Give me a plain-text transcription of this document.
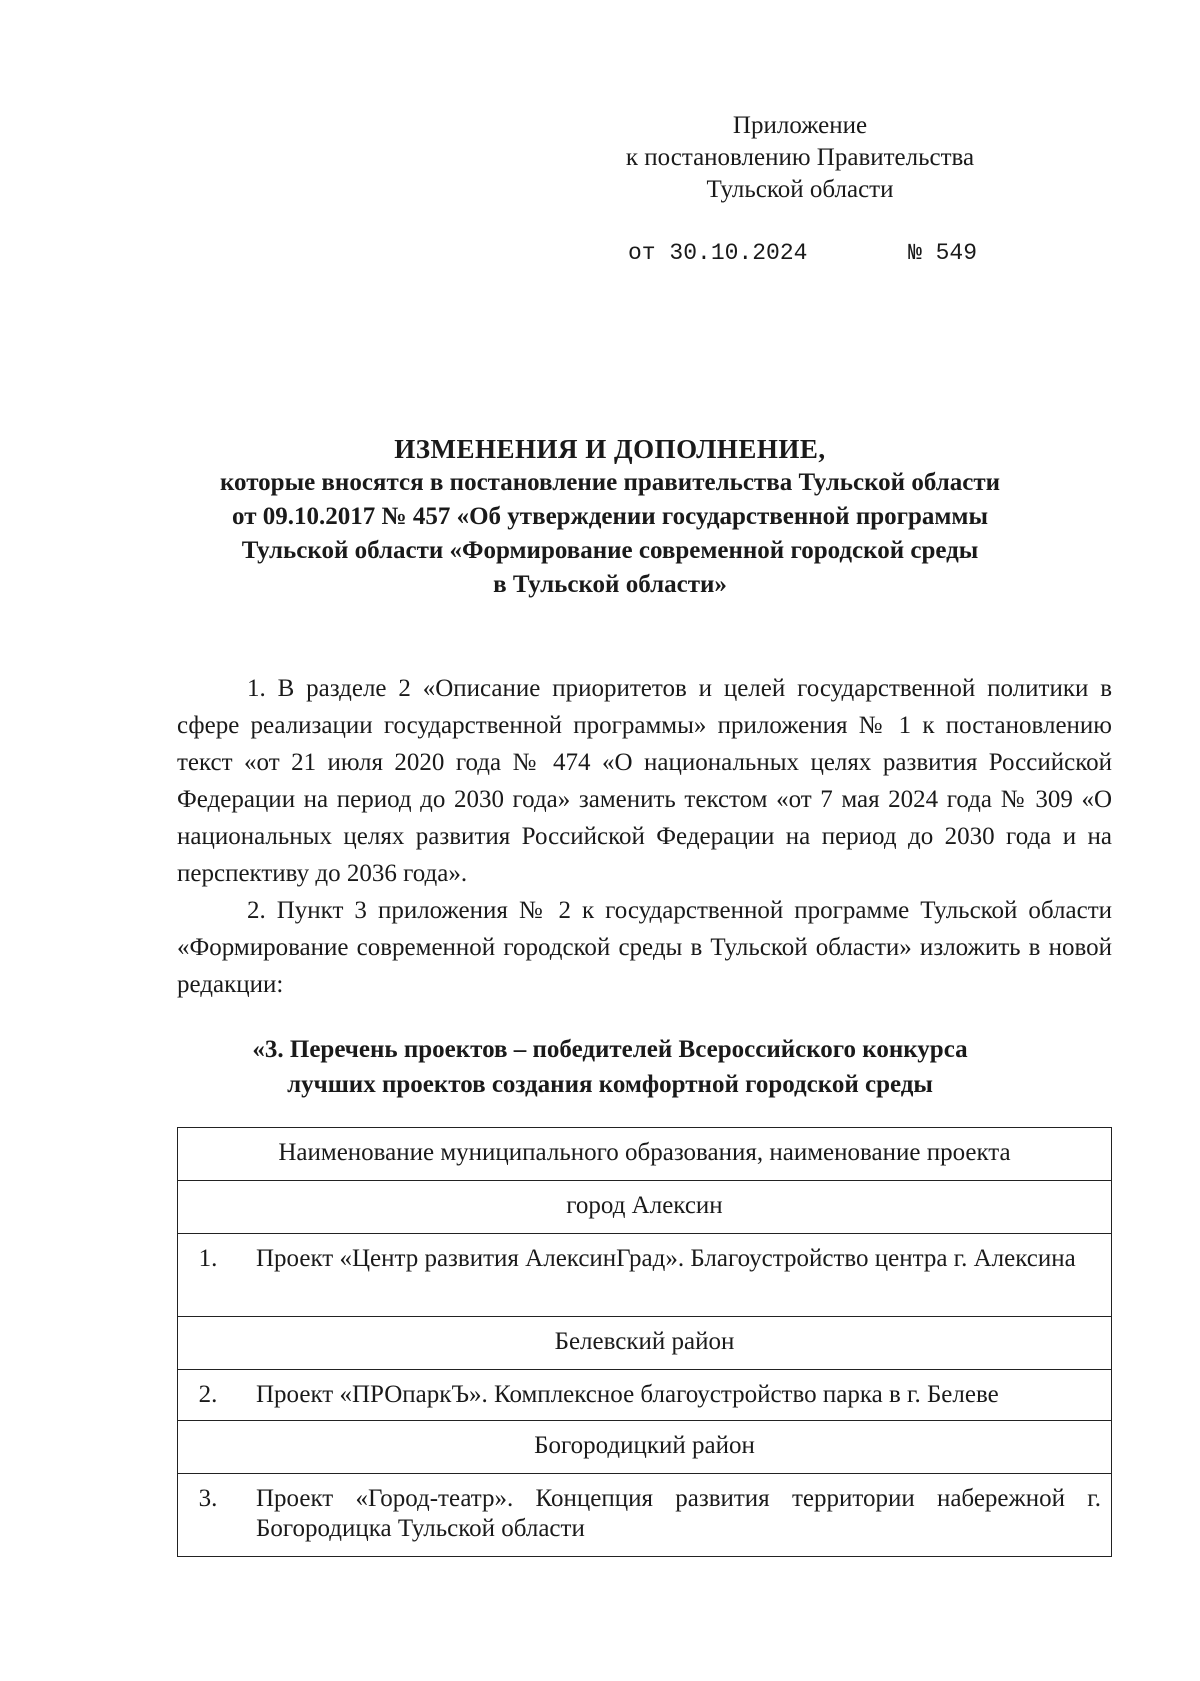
Приложение
к постановлению Правительства
Тульской области
от 30.10.2024	№ 549
ИЗМЕНЕНИЯ И ДОПОЛНЕНИЕ,
которые вносятся в постановление правительства Тульской области
от 09.10.2017 № 457 «Об утверждении государственной программы
Тульской области «Формирование современной городской среды
в Тульской области»

1. В разделе 2 «Описание приоритетов и целей государственной политики в сфере реализации государственной программы» приложения № 1 к постановлению текст «от 21 июля 2020 года № 474 «О национальных целях развития Российской Федерации на период до 2030 года» заменить текстом «от 7 мая 2024 года № 309 «О национальных целях развития Российской Федерации на период до 2030 года и на перспективу до 2036 года».

2. Пункт 3 приложения № 2 к государственной программе Тульской области «Формирование современной городской среды в Тульской области» изложить в новой редакции:

«3. Перечень проектов – победителей Всероссийского конкурса
лучших проектов создания комфортной городской среды
Наименование муниципального образования, наименование проекта	
город Алексин	
1.	Проект «Центр развития АлексинГрад». Благоустройство центра г. Алексина
Белевский район	
2.	Проект «ПРОпаркЪ». Комплексное благоустройство парка в г. Белеве
Богородицкий район	
3.	Проект «Город-театр». Концепция развития территории набережной г. Богородицка Тульской области
